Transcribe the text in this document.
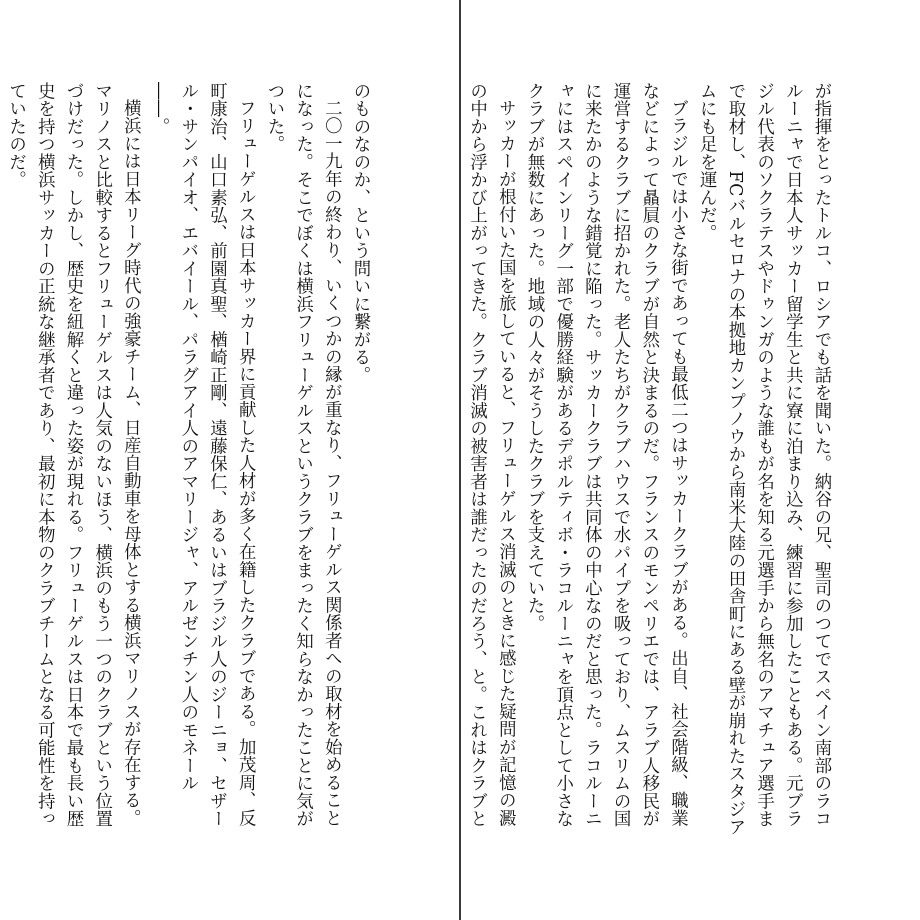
が指揮をとったトルコ、ロシアでも話を聞いた。納谷の兄、聖司のつてでスペイン南部のラコルーニャで日本人サッカー留学生と共に寮に泊まり込み、練習に参加したこともある。元ブラジル代表のソクラテスやドゥンガのような誰もが名を知る元選手から無名のアマチュア選手まで取材し、FCバルセロナの本拠地カンプノウから南米大陸の田舎町にある壁が崩れたスタジアムにも足を運んだ。

ブラジルでは小さな街であっても最低二つはサッカークラブがある。出自、社会階級、職業などによって贔屓のクラブが自然と決まるのだ。フランスのモンペリエでは、アラブ人移民が運営するクラブに招かれた。老人たちがクラブハウスで水パイプを吸っており、ムスリムの国に来たかのような錯覚に陥った。サッカークラブは共同体の中心なのだと思った。ラコルーニャにはスペインリーグ一部で優勝経験があるデポルティボ・ラコルーニャを頂点として小さなクラブが無数にあった。地域の人々がそうしたクラブを支えていた。

サッカーが根付いた国を旅していると、フリューゲルス消滅のときに感じた疑問が記憶の澱の中から浮かび上がってきた。クラブ消滅の被害者は誰だったのだろう、と。これはクラブと

のものなのか、という問いに繋がる。

二〇一九年の終わり、いくつかの縁が重なり、フリューゲルス関係者への取材を始めることになった。そこでぼくは横浜フリューゲルスというクラブをまったく知らなかったことに気がついた。

フリューゲルスは日本サッカー界に貢献した人材が多く在籍したクラブである。加茂周、反町康治、山口素弘、前園真聖、楢崎正剛、遠藤保仁、あるいはブラジル人のジーニョ、セザール・サンパイオ、エバイール、パラグアイ人のアマリージャ、アルゼンチン人のモネール――。

横浜には日本リーグ時代の強豪チーム、日産自動車を母体とする横浜マリノスが存在する。マリノスと比較するとフリューゲルスは人気のないほう、横浜のもう一つのクラブという位置づけだった。しかし、歴史を紐解くと違った姿が現れる。フリューゲルスは日本で最も長い歴史を持つ横浜サッカーの正統な継承者であり、最初に本物のクラブチームとなる可能性を持っていたのだ。
